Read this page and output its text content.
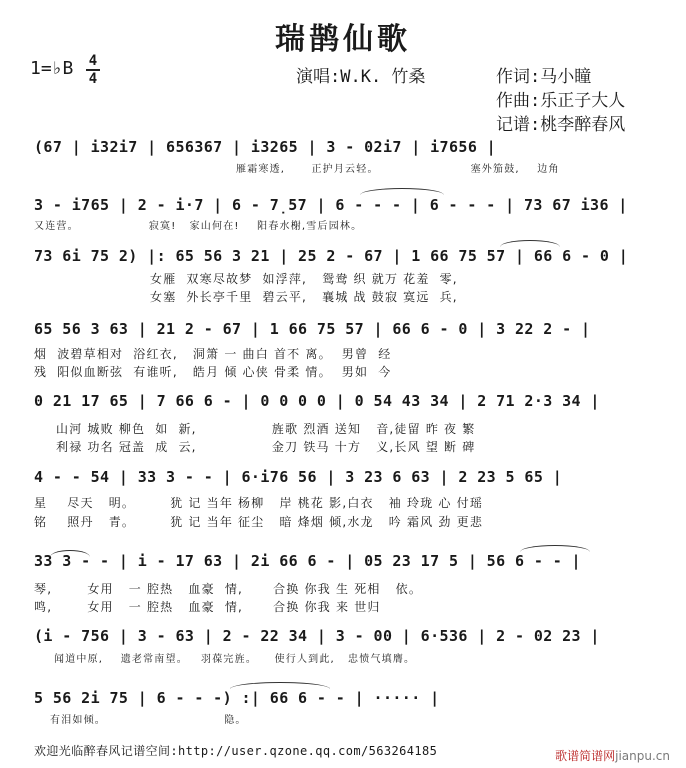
瑞鹊仙歌
1=♭B 4
4	演唱:W.K. 竹桑	作词:马小瞳
作曲:乐正子大人
记谱:桃李醉春风
(67 | i32i7 | 656367 | i3265 | 3 - 02i7 | i7656 |
雁霜寒透,      正护月云轻。                     塞外笳鼓,    边角
3 - i765 | 2 - i·7 | 6 - 7̣57 | 6 - - - | 6 - - - | 73 67 i36 |
又连营。                寂寞!   家山何在!    阳春水榭,雪后园林。
73 6i 75 2) |: 65 56 3 21 | 25 2 - 67 | 1 66 75 57 | 66 6 - 0 |
女雁  双寒尽故梦  如浮萍,   鸳鸯 织 就万 花羞  零,
女塞  外长亭千里  碧云平,   襄城 战 鼓寂 寞远  兵,
65 56 3 63 | 21 2 - 67 | 1 66 75 57 | 66 6 - 0 | 3 22 2 - |
烟  波碧草相对  浴红衣,   洞箫 一 曲白 首不 离。  男曾  经
残  阳似血断弦  有谁听,   皓月 倾 心侠 骨柔 情。  男如  今
0 21 17 65 | 7 66 6 - | 0 0 0 0 | 0 54 43 34 | 2 71 2·3 34 |
山河 城败 柳色  如  新,               旌歌 烈酒 送知   音,徒留 昨 夜 繁
利禄 功名 冠盖  成  云,               金刀 铁马 十方   义,长风 望 断 碑
4 - - 54 | 33 3 - - | 6·i76 56 | 3 23 6 63 | 2 23 5 65 |
星    尽天   明。       犹 记 当年 杨柳   岸 桃花 影,白衣   袖 玲珑 心 付瑶
铭    照丹   青。       犹 记 当年 征尘   暗 烽烟 倾,水龙   吟 霜风 劲 更悲
33 3 - - | i - 17 63 | 2i 66 6 - | 05 23 17 5 | 56 6 - - |
琴,       女用   一 腔热   血豪  情,      合换 你我 生 死相   依。
鸣,       女用   一 腔热   血豪  情,      合换 你我 来 世归
(i - 756 | 3 - 63 | 2 - 22 34 | 3 - 00 | 6·536 | 2 - 02 23 |
闻道中原,    遗老常南望。   羽葆完旌。    使行人到此,   忠愤气填膺。
5 56 2i 75 | 6 - - -) :| 66 6 - - | ····· |
有泪如倾。                           隐。
欢迎光临醉春风记谱空间:http://user.qzone.qq.com/563264185	歌谱简谱网jianpu.cn
